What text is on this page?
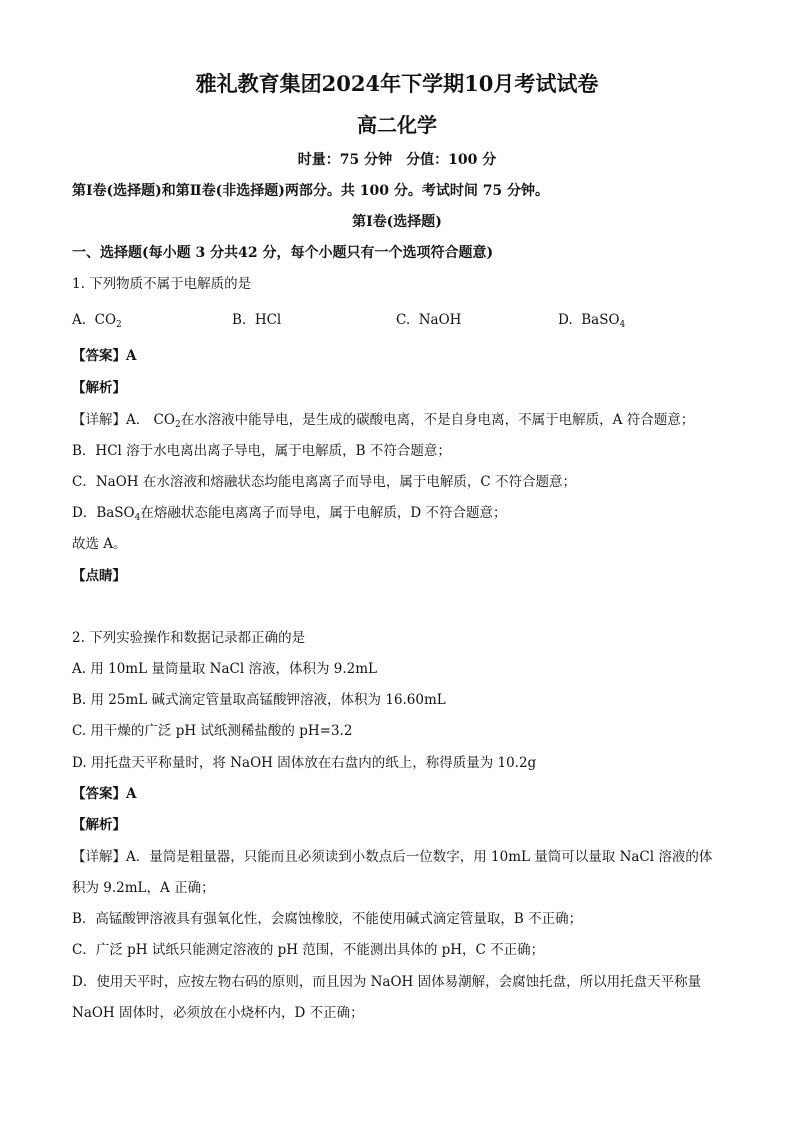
雅礼教育集团2024年下学期10月考试试卷
高二化学
时量：75 分钟　分值：100 分
第Ⅰ卷(选择题)和第Ⅱ卷(非选择题)两部分。共 100 分。考试时间 75 分钟。
第Ⅰ卷(选择题)
一、选择题(每小题 3 分共42 分，每个小题只有一个选项符合题意)
1. 下列物质不属于电解质的是
A. $CO_2$	B. HCl	C. NaOH	D. BaSO$_4$
【答案】A
【解析】
【详解】A． $CO_2$在水溶液中能导电，是生成的碳酸电离，不是自身电离，不属于电解质，A 符合题意；
B．HCl 溶于水电离出离子导电，属于电解质，B 不符合题意；
C．NaOH 在水溶液和熔融状态均能电离离子而导电，属于电解质，C 不符合题意；
D．BaSO$_4$在熔融状态能电离离子而导电，属于电解质，D 不符合题意；
故选 A。
【点睛】
2. 下列实验操作和数据记录都正确的是
A. 用 10mL 量筒量取 NaCl 溶液，体积为 9.2mL
B. 用 25mL 碱式滴定管量取高锰酸钾溶液，体积为 16.60mL
C. 用干燥的广泛 pH 试纸测稀盐酸的 pH=3.2
D. 用托盘天平称量时，将 NaOH 固体放在右盘内的纸上，称得质量为 10.2g
【答案】A
【解析】
【详解】A．量筒是粗量器，只能而且必须读到小数点后一位数字，用 10mL 量筒可以量取 NaCl 溶液的体
积为 9.2mL，A 正确；
B．高锰酸钾溶液具有强氧化性，会腐蚀橡胶，不能使用碱式滴定管量取，B 不正确；
C．广泛 pH 试纸只能测定溶液的 pH 范围，不能测出具体的 pH，C 不正确；
D．使用天平时，应按左物右码的原则，而且因为 NaOH 固体易潮解，会腐蚀托盘，所以用托盘天平称量
NaOH 固体时，必须放在小烧杯内，D 不正确；
